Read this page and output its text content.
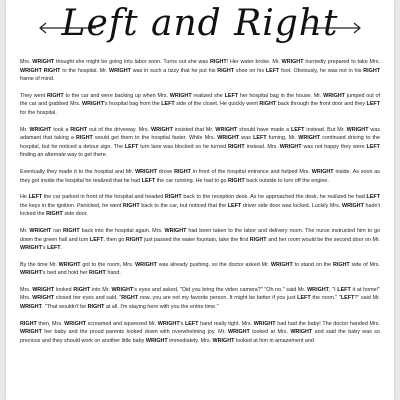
Left and Right

Mrs. WRIGHT thought she might be going into labor soon. Turns out she was RIGHT! Her water broke. Mr. WRIGHT hurriedly prepared to take Mrs. WRIGHT RIGHT to the hospital. Mr. WRIGHT was in such a tizzy that he put his RIGHT shoe on his LEFT foot. Obviously, he was not in his RIGHT frame of mind.

They went RIGHT to the car and were backing up when Mrs. WRIGHT realized she LEFT her hospital bag in the house. Mr. WRIGHT jumped out of the car and grabbed Mrs. WRIGHT's hospital bag from the LEFT side of the closet. He quickly went RIGHT back through the front door and they LEFT for the hospital.

Mr. WRIGHT took a RIGHT out of the driveway. Mrs. WRIGHT insisted that Mr. WRIGHT should have made a LEFT instead. But Mr. WRIGHT was adamant that taking a RIGHT would get them to the hospital faster. While Mrs. WRIGHT was LEFT fuming, Mr. WRIGHT continued driving to the hospital, but he noticed a detour sign. The LEFT turn lane was blocked so he turned RIGHT instead. Mrs. WRIGHT was not happy they were LEFT finding an alternate way to get there.

Eventually they made it to the hospital and Mr. WRIGHT drove RIGHT in front of the hospital entrance and helped Mrs. WRIGHT inside. As soon as they got inside the hospital he realized that he had LEFT the car running. He had to go RIGHT back outside to turn off the engine.

He LEFT the car parked in front of the hospital and headed RIGHT back to the reception desk. As he approached the desk, he realized he had LEFT the keys in the ignition. Panicked, he went RIGHT back to the car, but noticed that the LEFT driver side door was locked. Luckily Mrs. WRIGHT hadn't locked the RIGHT side door.

Mr. WRIGHT ran RIGHT back into the hospital again. Mrs. WRIGHT had been taken to the labor and delivery room. The nurse instructed him to go down the green hall and turn LEFT, then go RIGHT just passed the water fountain, take the first RIGHT and her room would be the second door on Mr. WRIGHT's LEFT.

By the time Mr. WRIGHT got to the room, Mrs. WRIGHT was already pushing, so the doctor asked Mr. WRIGHT to stand on the RIGHT side of Mrs. WRIGHT's bed and hold her RIGHT hand.

Mrs. WRIGHT looked RIGHT into Mr. WRIGHT's eyes and asked, "Did you bring the video camera?" "Oh no," said Mr. WRIGHT, "I LEFT it at home!" Mrs. WRIGHT closed her eyes and said, "RIGHT now, you are not my favorite person. It might be better if you just LEFT the room." "LEFT?" said Mr. WRIGHT. "That wouldn't be RIGHT at all. I'm staying here with you the entire time."

RIGHT then, Mrs. WRIGHT screamed and squeezed Mr. WRIGHT's LEFT hand really tight. Mrs. WRIGHT had had the baby! The doctor handed Mrs. WRIGHT her baby and the proud parents looked down with overwhelming joy. Mr. WRIGHT looked at Mrs. WRIGHT and said the baby was so precious and they should work on another little baby WRIGHT immediately. Mrs. WRIGHT looked at him in amazement and
